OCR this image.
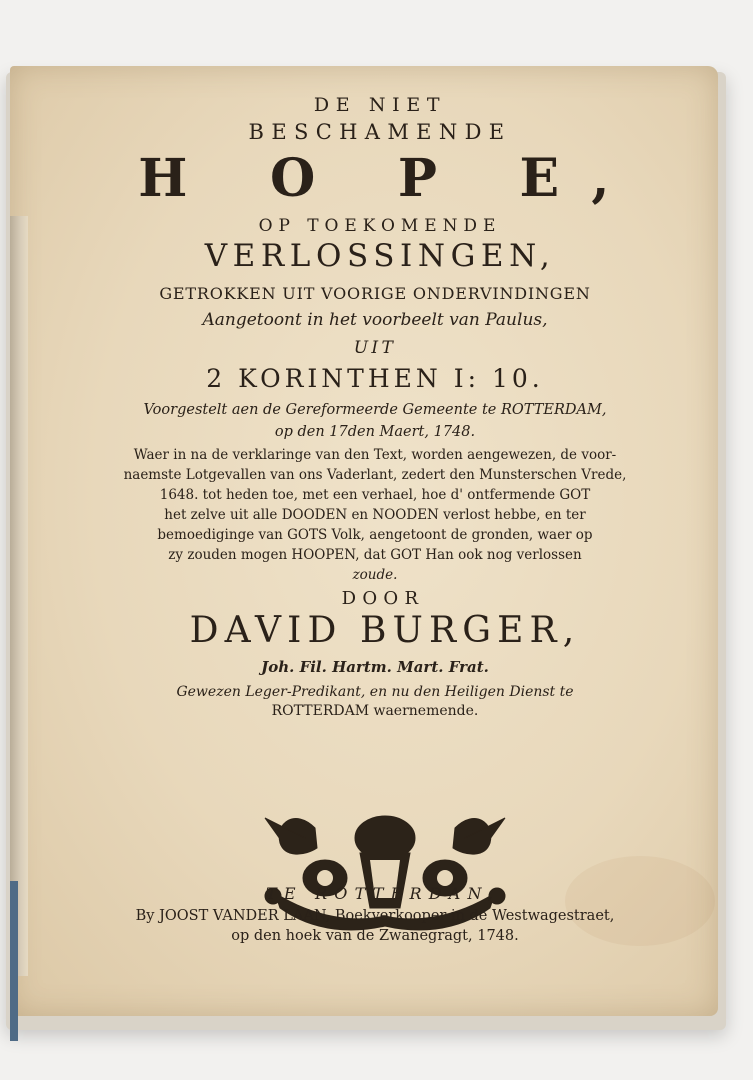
DE NIET
BESCHAMENDE
H O P E,
OP TOEKOMENDE
VERLOSSINGEN,
GETROKKEN UIT VOORIGE ONDERVINDINGEN
Aangetoont in het voorbeelt van Paulus,
UIT
2 KORINTHEN I: 10.
Voorgestelt aen de Gereformeerde Gemeente te ROTTERDAM,
op den 17den Maert, 1748.
Waer in na de verklaringe van den Text, worden aengewezen, de voor-
naemste Lotgevallen van ons Vaderlant, zedert den Munsterschen Vrede,
1648. tot heden toe, met een verhael, hoe d' ontfermende GOT
het zelve uit alle DOODEN en NOODEN verlost hebbe, en ter
bemoediginge van GOTS Volk, aengetoont de gronden, waer op
zy zouden mogen HOOPEN, dat GOT Han ook nog verlossen
zoude.
DOOR
DAVID BURGER,
Joh. Fil. Hartm. Mart. Frat.
Gewezen Leger-Predikant, en nu den Heiligen Dienst te
ROTTERDAM waernemende.
TE ROTTERDAN,
By JOOST VANDER LAAN, Boekverkooper in de Westwagestraet,
op den hoek van de Zwanegragt, 1748.
